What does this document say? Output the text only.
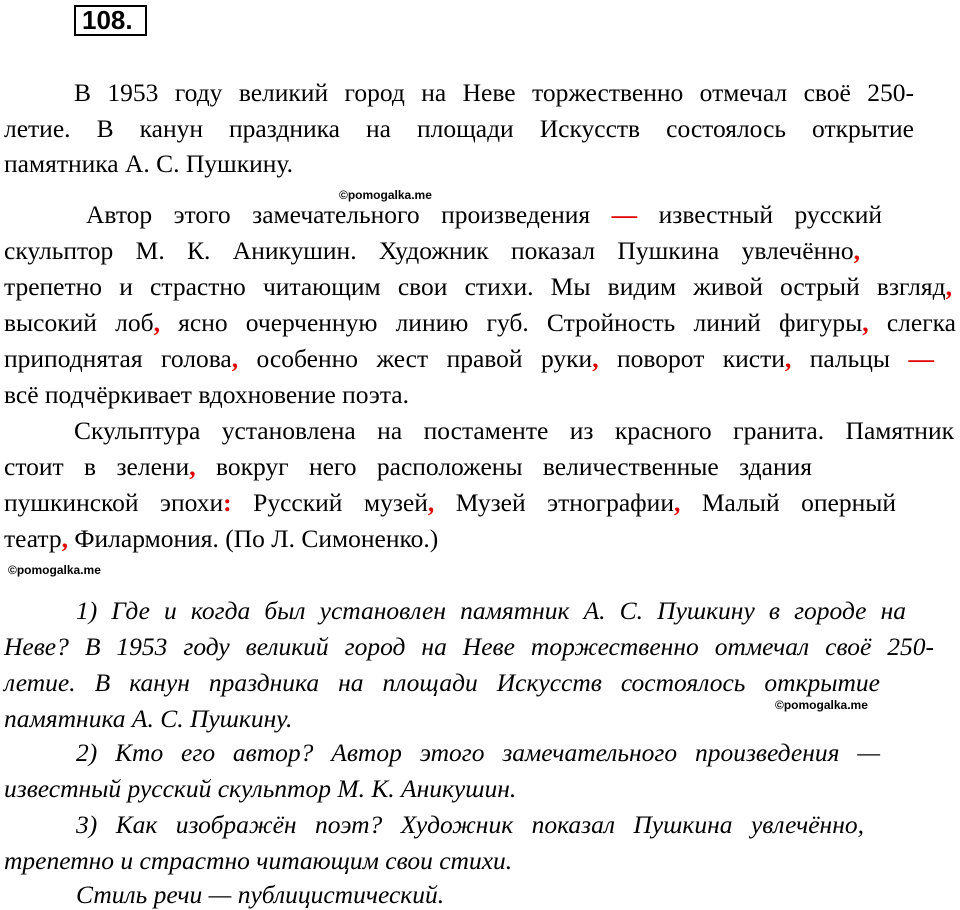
108.
В 1953 году великий город на Неве торжественно отмечал своё 250-
летие. В канун праздника на площади Искусств состоялось открытие
памятника А. С. Пушкину.
©pomogalka.me
Автор этого замечательного произведения — известный русский
скульптор М. К. Аникушин. Художник показал Пушкина увлечённо,
трепетно и страстно читающим свои стихи. Мы видим живой острый взгляд,
высокий лоб, ясно очерченную линию губ. Стройность линий фигуры, слегка
приподнятая голова, особенно жест правой руки, поворот кисти, пальцы —
всё подчёркивает вдохновение поэта.
Скульптура установлена на постаменте из красного гранита. Памятник
стоит в зелени, вокруг него расположены величественные здания
пушкинской эпохи: Русский музей, Музей этнографии, Малый оперный
театр, Филармония. (По Л. Симоненко.)
©pomogalka.me
1) Где и когда был установлен памятник А. С. Пушкину в городе на
Неве? В 1953 году великий город на Неве торжественно отмечал своё 250-
летие. В канун праздника на площади Искусств состоялось открытие
памятника А. С. Пушкину.	©pomogalka.me
2) Кто его автор? Автор этого замечательного произведения —
известный русский скульптор М. К. Аникушин.
3) Как изображён поэт? Художник показал Пушкина увлечённо,
трепетно и страстно читающим свои стихи.
Стиль речи — публицистический.
